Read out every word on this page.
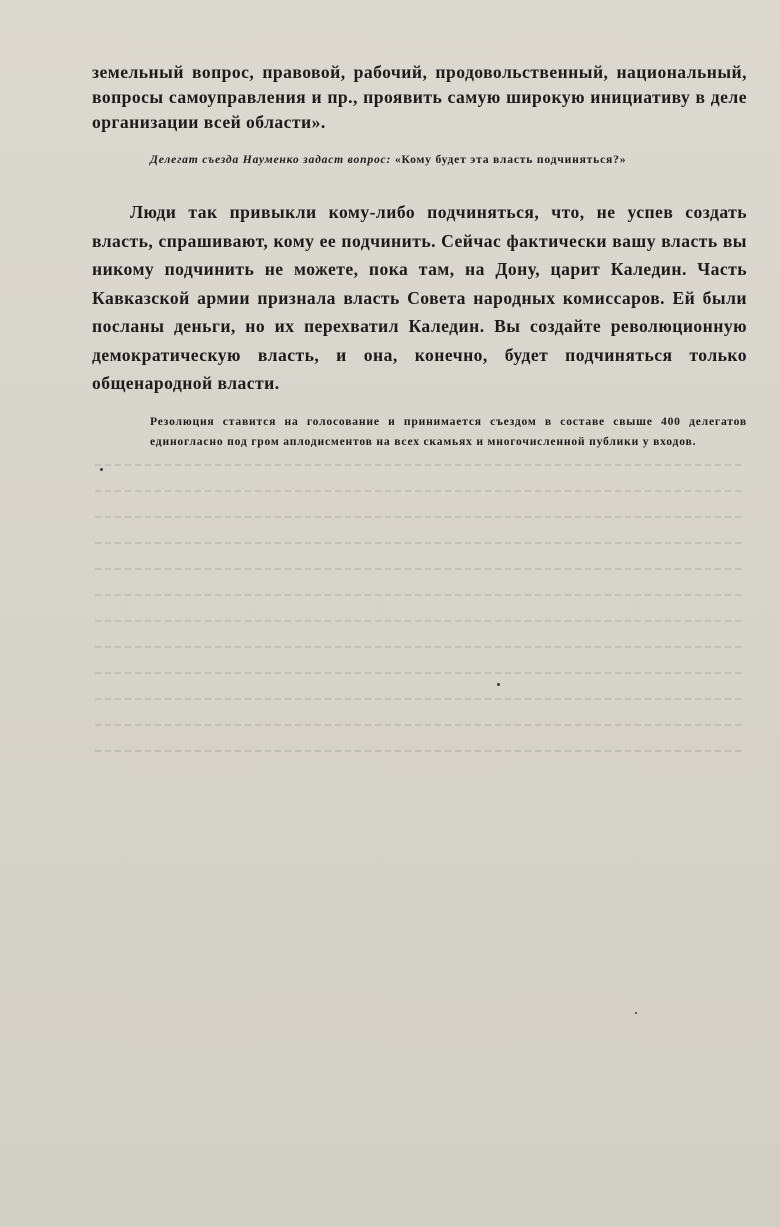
земельный вопрос, правовой, рабочий, продовольственный, национальный, вопросы самоуправления и пр., проявить самую широкую инициативу в деле организации всей области».

Делегат съезда Науменко задаст вопрос: «Кому будет эта власть подчиняться?»

Люди так привыкли кому-либо подчиняться, что, не успев создать власть, спрашивают, кому ее подчинить. Сейчас фактически вашу власть вы никому подчинить не можете, пока там, на Дону, царит Каледин. Часть Кавказской армии признала власть Совета народных комиссаров. Ей были посланы деньги, но их перехватил Каледин. Вы создайте революционную демократическую власть, и она, конечно, будет подчиняться только общенародной власти.

Резолюция ставится на голосование и принимается съездом в составе свыше 400 делегатов единогласно под гром аплодисментов на всех скамьях и многочисленной публики у входов.
